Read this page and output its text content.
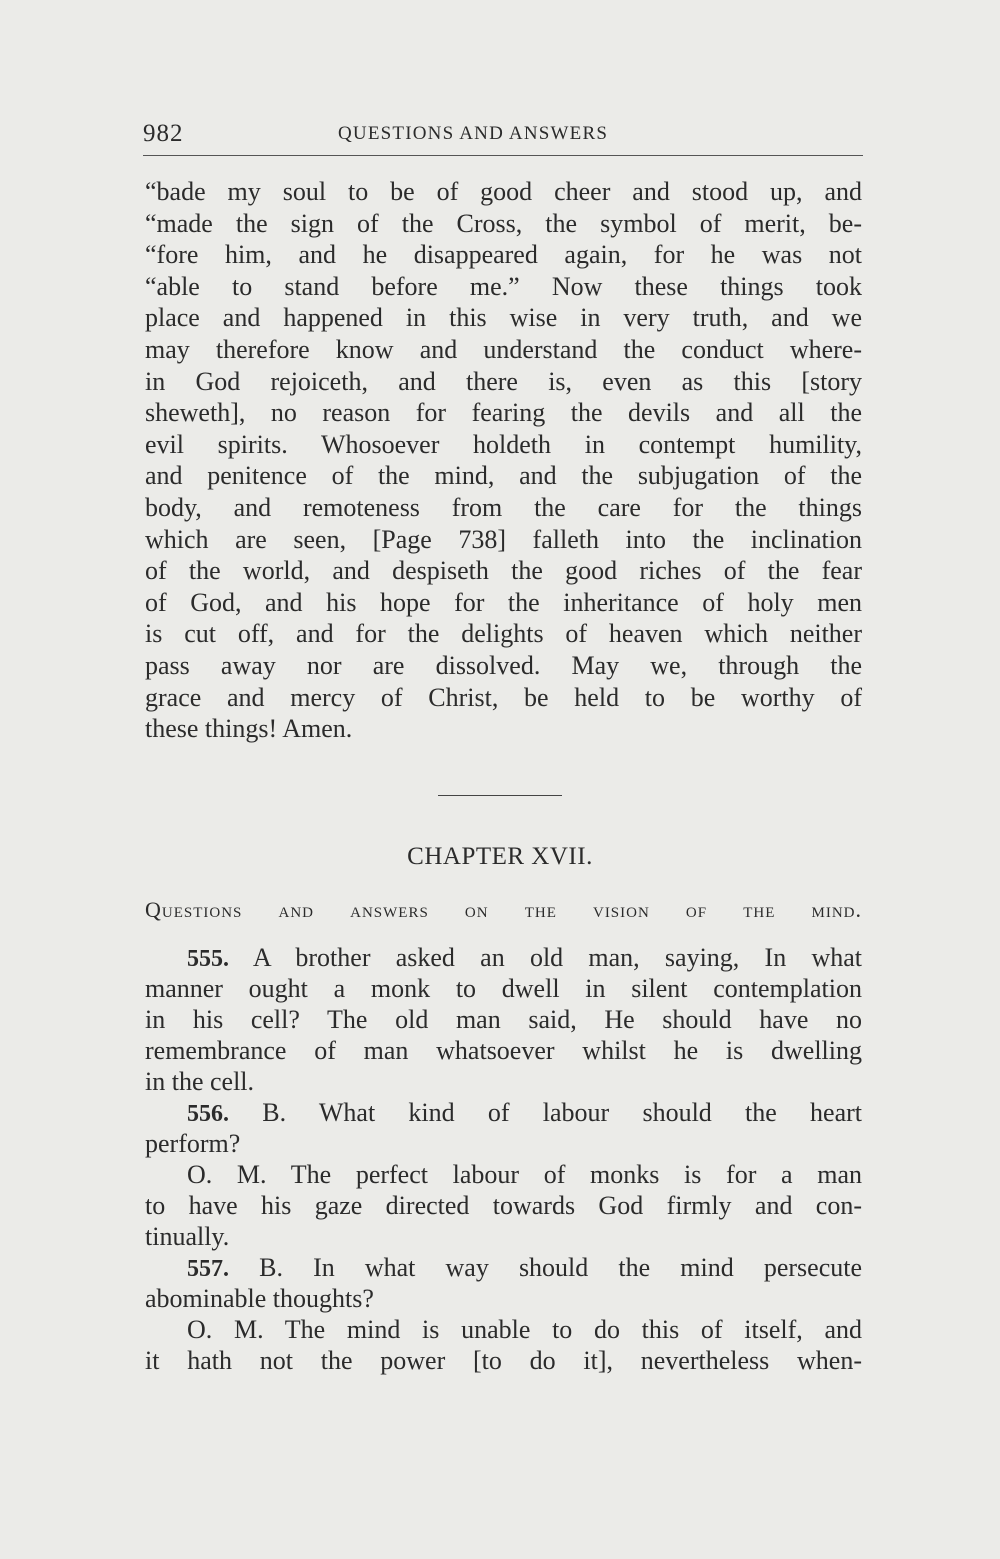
982	QUESTIONS AND ANSWERS
“bade my soul to be of good cheer and stood up, and
“made the sign of the Cross, the symbol of merit, be-
“fore him, and he disappeared again, for he was not
“able to stand before me.” Now these things took
place and happened in this wise in very truth, and we
may therefore know and understand the conduct where-
in God rejoiceth, and there is, even as this [story
sheweth], no reason for fearing the devils and all the
evil spirits. Whosoever holdeth in contempt humility,
and penitence of the mind, and the subjugation of the
body, and remoteness from the care for the things
which are seen, [Page 738] falleth into the inclination
of the world, and despiseth the good riches of the fear
of God, and his hope for the inheritance of holy men
is cut off, and for the delights of heaven which neither
pass away nor are dissolved. May we, through the
grace and mercy of Christ, be held to be worthy of
these things! Amen.
CHAPTER XVII.
Questions and answers on the vision of the mind.
555. A brother asked an old man, saying, In what
manner ought a monk to dwell in silent contemplation
in his cell? The old man said, He should have no
remembrance of man whatsoever whilst he is dwelling
in the cell.
556. B. What kind of labour should the heart
perform?
O. M. The perfect labour of monks is for a man
to have his gaze directed towards God firmly and con-
tinually.
557. B. In what way should the mind persecute
abominable thoughts?
O. M. The mind is unable to do this of itself, and
it hath not the power [to do it], nevertheless when-
